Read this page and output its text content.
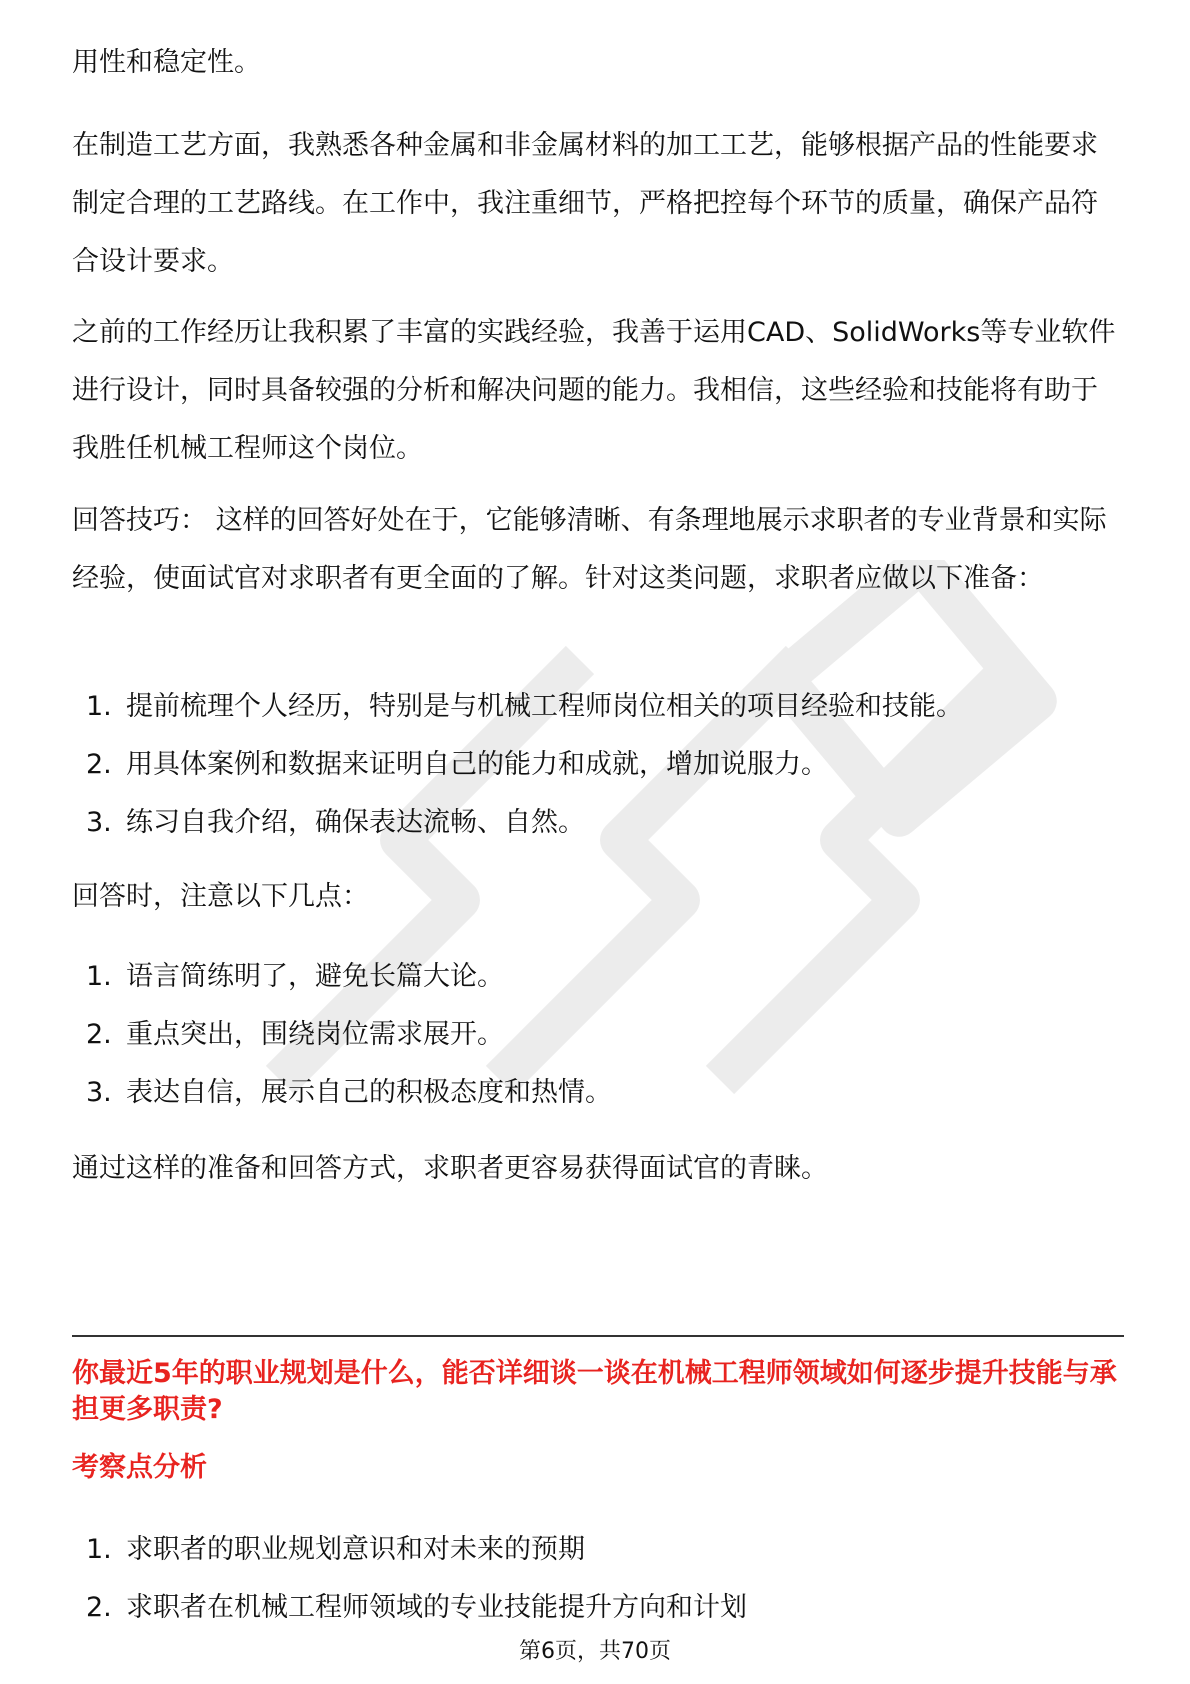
用性和稳定性。

在制造工艺方面，我熟悉各种金属和非金属材料的加工工艺，能够根据产品的性能要求制定合理的工艺路线。在工作中，我注重细节，严格把控每个环节的质量，确保产品符合设计要求。

之前的工作经历让我积累了丰富的实践经验，我善于运用CAD、SolidWorks等专业软件进行设计，同时具备较强的分析和解决问题的能力。我相信，这些经验和技能将有助于我胜任机械工程师这个岗位。

回答技巧： 这样的回答好处在于，它能够清晰、有条理地展示求职者的专业背景和实际经验，使面试官对求职者有更全面的了解。针对这类问题，求职者应做以下准备：

1. 提前梳理个人经历，特别是与机械工程师岗位相关的项目经验和技能。
2. 用具体案例和数据来证明自己的能力和成就，增加说服力。
3. 练习自我介绍，确保表达流畅、自然。

回答时，注意以下几点：

1. 语言简练明了，避免长篇大论。
2. 重点突出，围绕岗位需求展开。
3. 表达自信，展示自己的积极态度和热情。

通过这样的准备和回答方式，求职者更容易获得面试官的青睐。

你最近5年的职业规划是什么，能否详细谈一谈在机械工程师领域如何逐步提升技能与承担更多职责?

考察点分析

1. 求职者的职业规划意识和对未来的预期
2. 求职者在机械工程师领域的专业技能提升方向和计划
第6页，共70页
